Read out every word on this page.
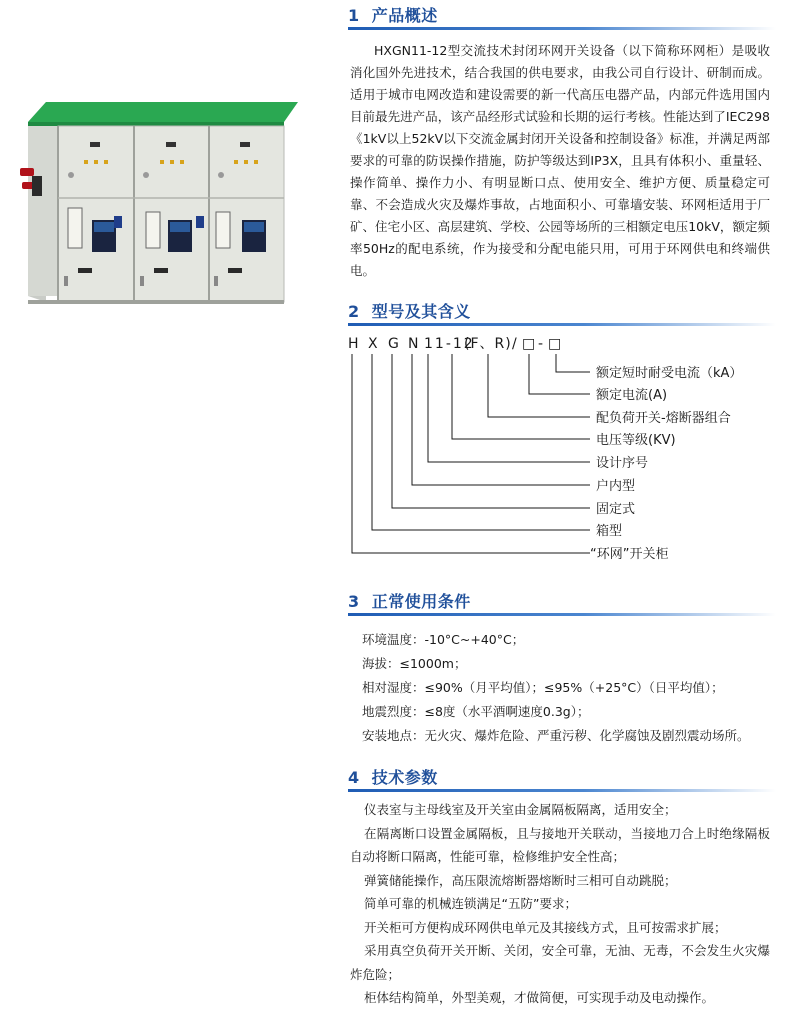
1 产品概述
HXGN11-12型交流技术封闭环网开关设备（以下简称环网柜）是吸收消化国外先进技术，结合我国的供电要求，由我公司自行设计、研制而成。适用于城市电网改造和建设需要的新一代高压电器产品，内部元件选用国内目前最先进产品，该产品经形式试验和长期的运行考核。性能达到了IEC298《1kV以上52kV以下交流金属封闭开关设备和控制设备》标准，并满足两部要求的可靠的防误操作措施，防护等级达到IP3X，且具有体积小、重量轻、操作简单、操作力小、有明显断口点、使用安全、维护方便、质量稳定可靠、不会造成火灾及爆炸事故，占地面积小、可靠墙安装、环网柜适用于厂矿、住宅小区、高层建筑、学校、公园等场所的三相额定电压10kV，额定频率50Hz的配电系统，作为接受和分配电能只用，可用于环网供电和终端供电。
2 型号及其含义
H X G N 11-12
(F、R) / □ - □
额定短时耐受电流（kA）
额定电流(A)
配负荷开关-熔断器组合
电压等级(KV)
设计序号
户内型
固定式
箱型
“环网”开关柜
3 正常使用条件
环境温度：-10°C~+40°C；
海拔：≤1000m；
相对湿度：≤90%（月平均值）；≤95%（+25°C）（日平均值）；
地震烈度：≤8度（水平酒啊速度0.3g）；
安装地点：无火灾、爆炸危险、严重污秽、化学腐蚀及剧烈震动场所。
4 技术参数
仪表室与主母线室及开关室由金属隔板隔离，适用安全；
在隔离断口设置金属隔板，且与接地开关联动，当接地刀合上时绝缘隔板自动将断口隔离，性能可靠，检修维护安全性高；
弹簧储能操作，高压限流熔断器熔断时三相可自动跳脱；
简单可靠的机械连锁满足“五防”要求；
开关柜可方便构成环网供电单元及其接线方式，且可按需求扩展；
采用真空负荷开关开断、关闭，安全可靠，无油、无毒，不会发生火灾爆炸危险；
柜体结构简单，外型美观，才做简便，可实现手动及电动操作。
